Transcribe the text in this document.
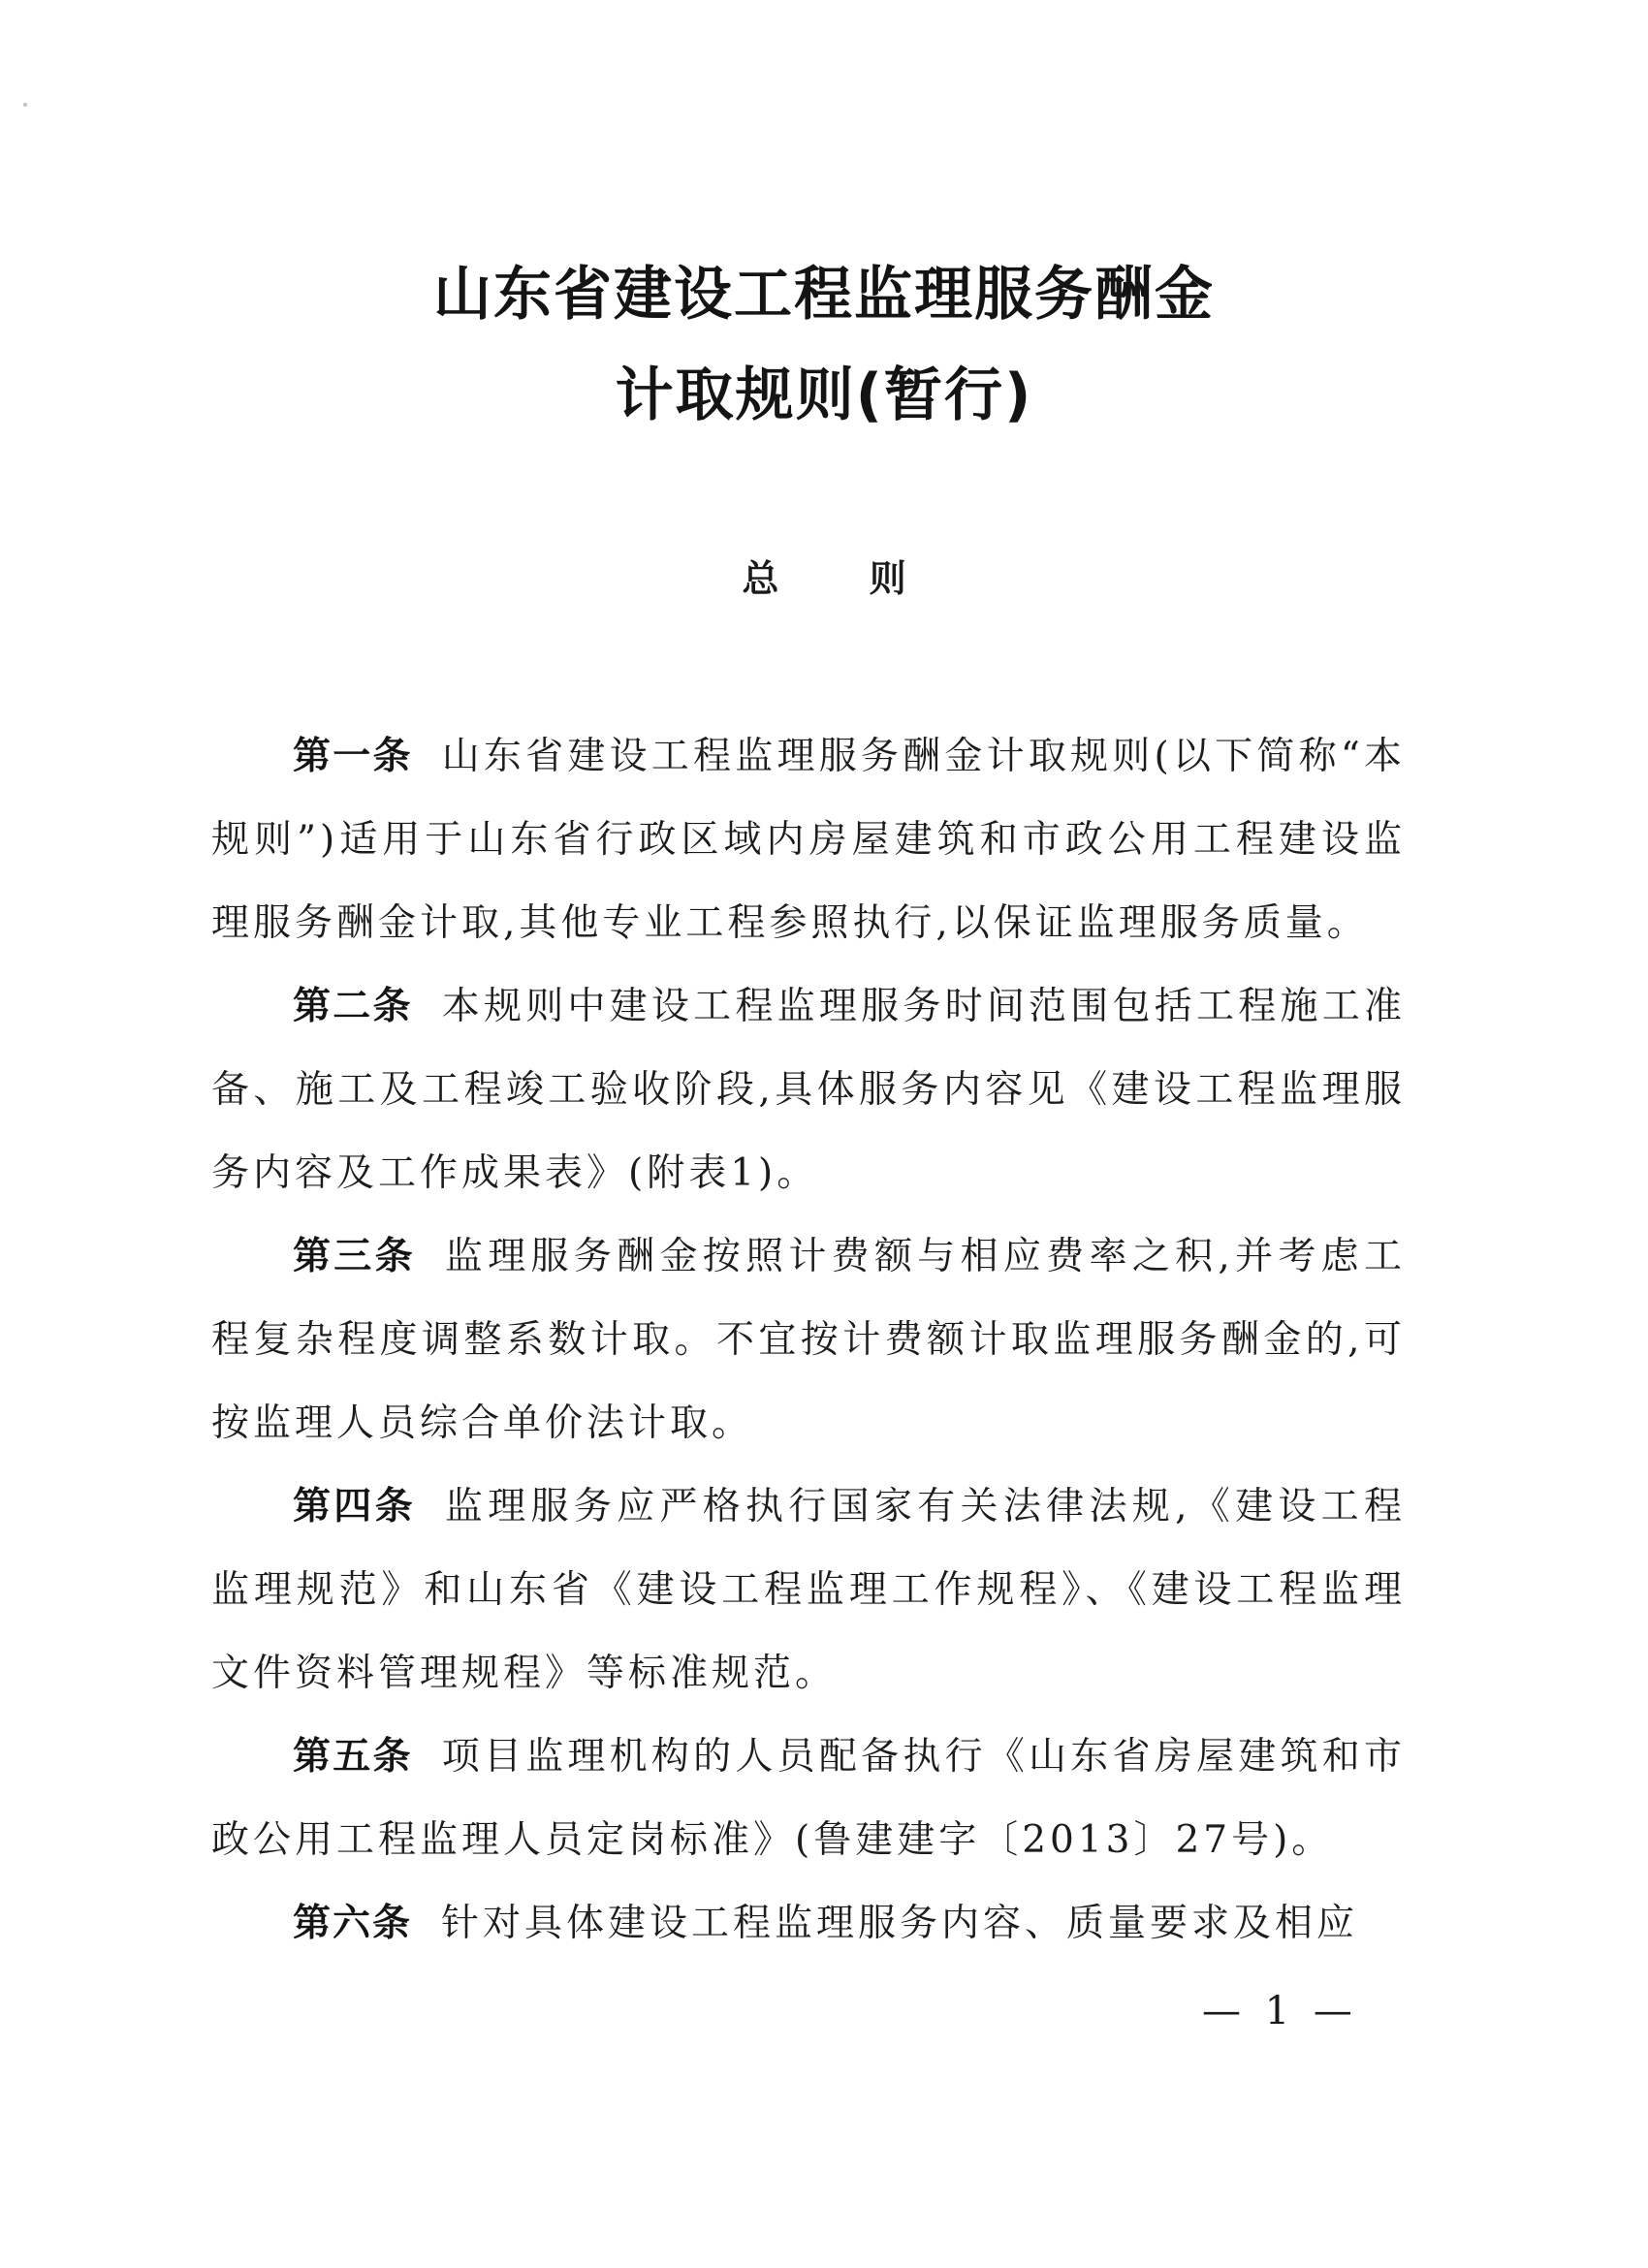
山东省建设工程监理服务酬金
计取规则(暂行)
总 则

第一条 山东省建设工程监理服务酬金计取规则(以下简称“本规则”)适用于山东省行政区域内房屋建筑和市政公用工程建设监理服务酬金计取,其他专业工程参照执行,以保证监理服务质量。

第二条 本规则中建设工程监理服务时间范围包括工程施工准备、施工及工程竣工验收阶段,具体服务内容见《建设工程监理服务内容及工作成果表》(附表1)。

第三条 监理服务酬金按照计费额与相应费率之积,并考虑工程复杂程度调整系数计取。不宜按计费额计取监理服务酬金的,可按监理人员综合单价法计取。

第四条 监理服务应严格执行国家有关法律法规,《建设工程监理规范》和山东省《建设工程监理工作规程》、《建设工程监理文件资料管理规程》等标准规范。

第五条 项目监理机构的人员配备执行《山东省房屋建筑和市政公用工程监理人员定岗标准》(鲁建建字〔2013〕27号)。

第六条 针对具体建设工程监理服务内容、质量要求及相应

— 1 —
